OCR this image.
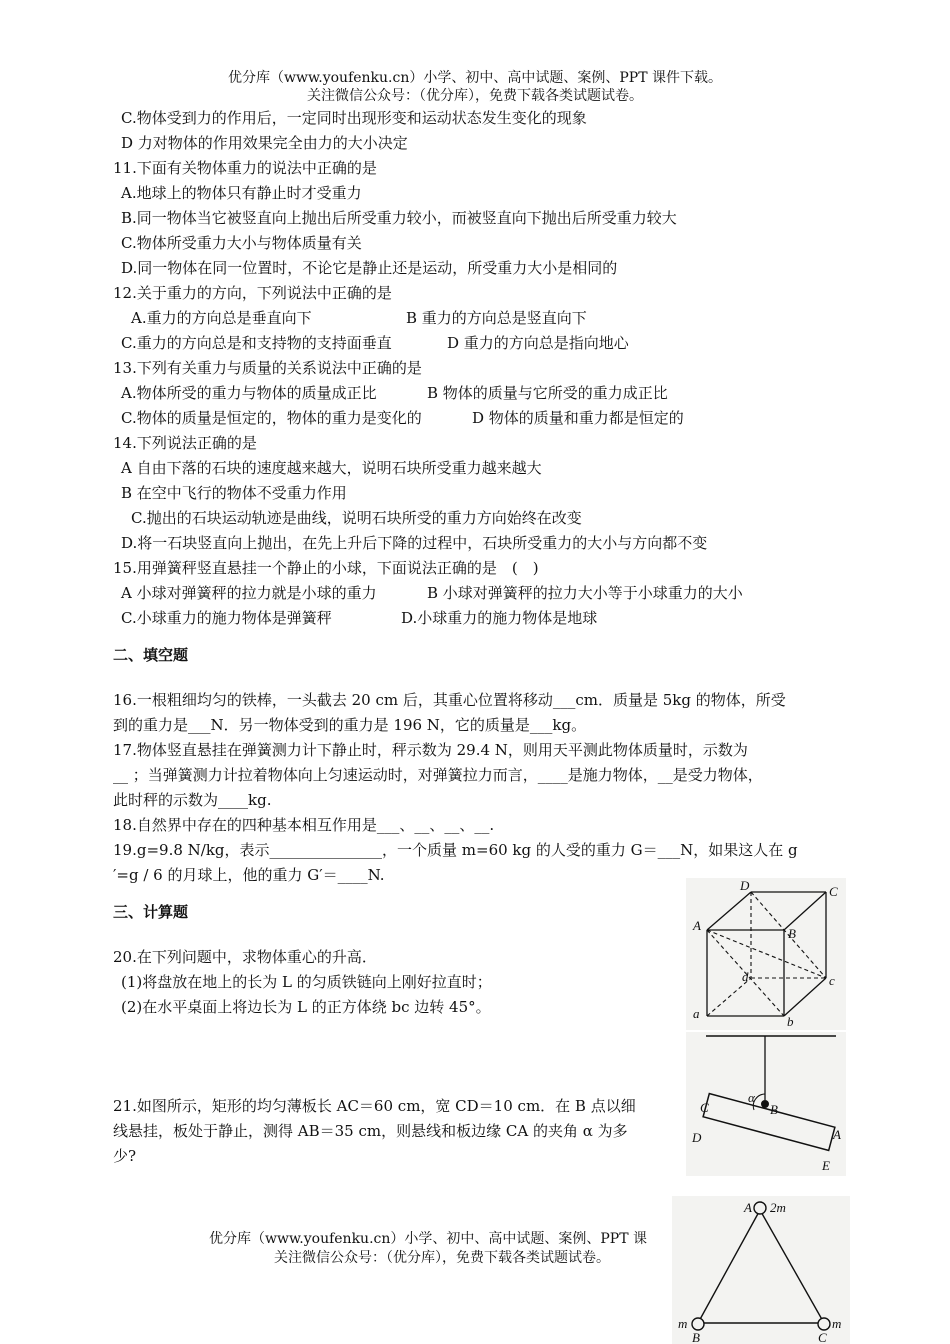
优分库（www.youfenku.cn）小学、初中、高中试题、案例、PPT 课件下载。
关注微信公众号：（优分库），免费下载各类试题试卷。
C.物体受到力的作用后，一定同时出现形变和运动状态发生变化的现象
D 力对物体的作用效果完全由力的大小决定
11.下面有关物体重力的说法中正确的是
A.地球上的物体只有静止时才受重力
B.同一物体当它被竖直向上抛出后所受重力较小，而被竖直向下抛出后所受重力较大
C.物体所受重力大小与物体质量有关
D.同一物体在同一位置时，不论它是静止还是运动，所受重力大小是相同的
12.关于重力的方向，下列说法中正确的是
A.重力的方向总是垂直向下	B 重力的方向总是竖直向下
C.重力的方向总是和支持物的支持面垂直	D 重力的方向总是指向地心
13.下列有关重力与质量的关系说法中正确的是
A.物体所受的重力与物体的质量成正比	B 物体的质量与它所受的重力成正比
C.物体的质量是恒定的，物体的重力是变化的	D 物体的质量和重力都是恒定的
14.下列说法正确的是
A 自由下落的石块的速度越来越大，说明石块所受重力越来越大
B 在空中飞行的物体不受重力作用
C.抛出的石块运动轨迹是曲线，说明石块所受的重力方向始终在改变
D.将一石块竖直向上抛出，在先上升后下降的过程中，石块所受重力的大小与方向都不变
15.用弹簧秤竖直悬挂一个静止的小球，下面说法正确的是　(　)
A 小球对弹簧秤的拉力就是小球的重力	B 小球对弹簧秤的拉力大小等于小球重力的大小
C.小球重力的施力物体是弹簧秤	D.小球重力的施力物体是地球
二、填空题
16.一根粗细均匀的铁棒，一头截去 20 cm 后，其重心位置将移动___cm．质量是 5kg 的物体，所受
到的重力是___N．另一物体受到的重力是 196 N，它的质量是___kg。
17.物体竖直悬挂在弹簧测力计下静止时，秤示数为 29.4 N，则用天平测此物体质量时，示数为
__ ；当弹簧测力计拉着物体向上匀速运动时，对弹簧拉力而言，____是施力物体，__是受力物体，
此时秤的示数为____kg.
18.自然界中存在的四种基本相互作用是___、__、__、__.
19.g=9.8 N/kg，表示_______________，一个质量 m=60 kg 的人受的重力 G＝___N，如果这人在 g
′=g / 6 的月球上，他的重力 G′＝____N.
三、计算题
20.在下列问题中，求物体重心的升高．
(1)将盘放在地上的长为 L 的匀质铁链向上刚好拉直时；
(2)在水平桌面上将边长为 L 的正方体绕 bc 边转 45°。
21.如图所示，矩形的均匀薄板长 AC＝60 cm，宽 CD＝10 cm．在 B 点以细
线悬挂，板处于静止，测得 AB＝35 cm，则悬线和板边缘 CA 的夹角 α 为多
少?
D	C
A
B
d	c
a
b
α
C	B
D	A
E
A 2m
m
B
m
C
优分库（www.youfenku.cn）小学、初中、高中试题、案例、PPT 课
关注微信公众号：（优分库），免费下载各类试题试卷。
